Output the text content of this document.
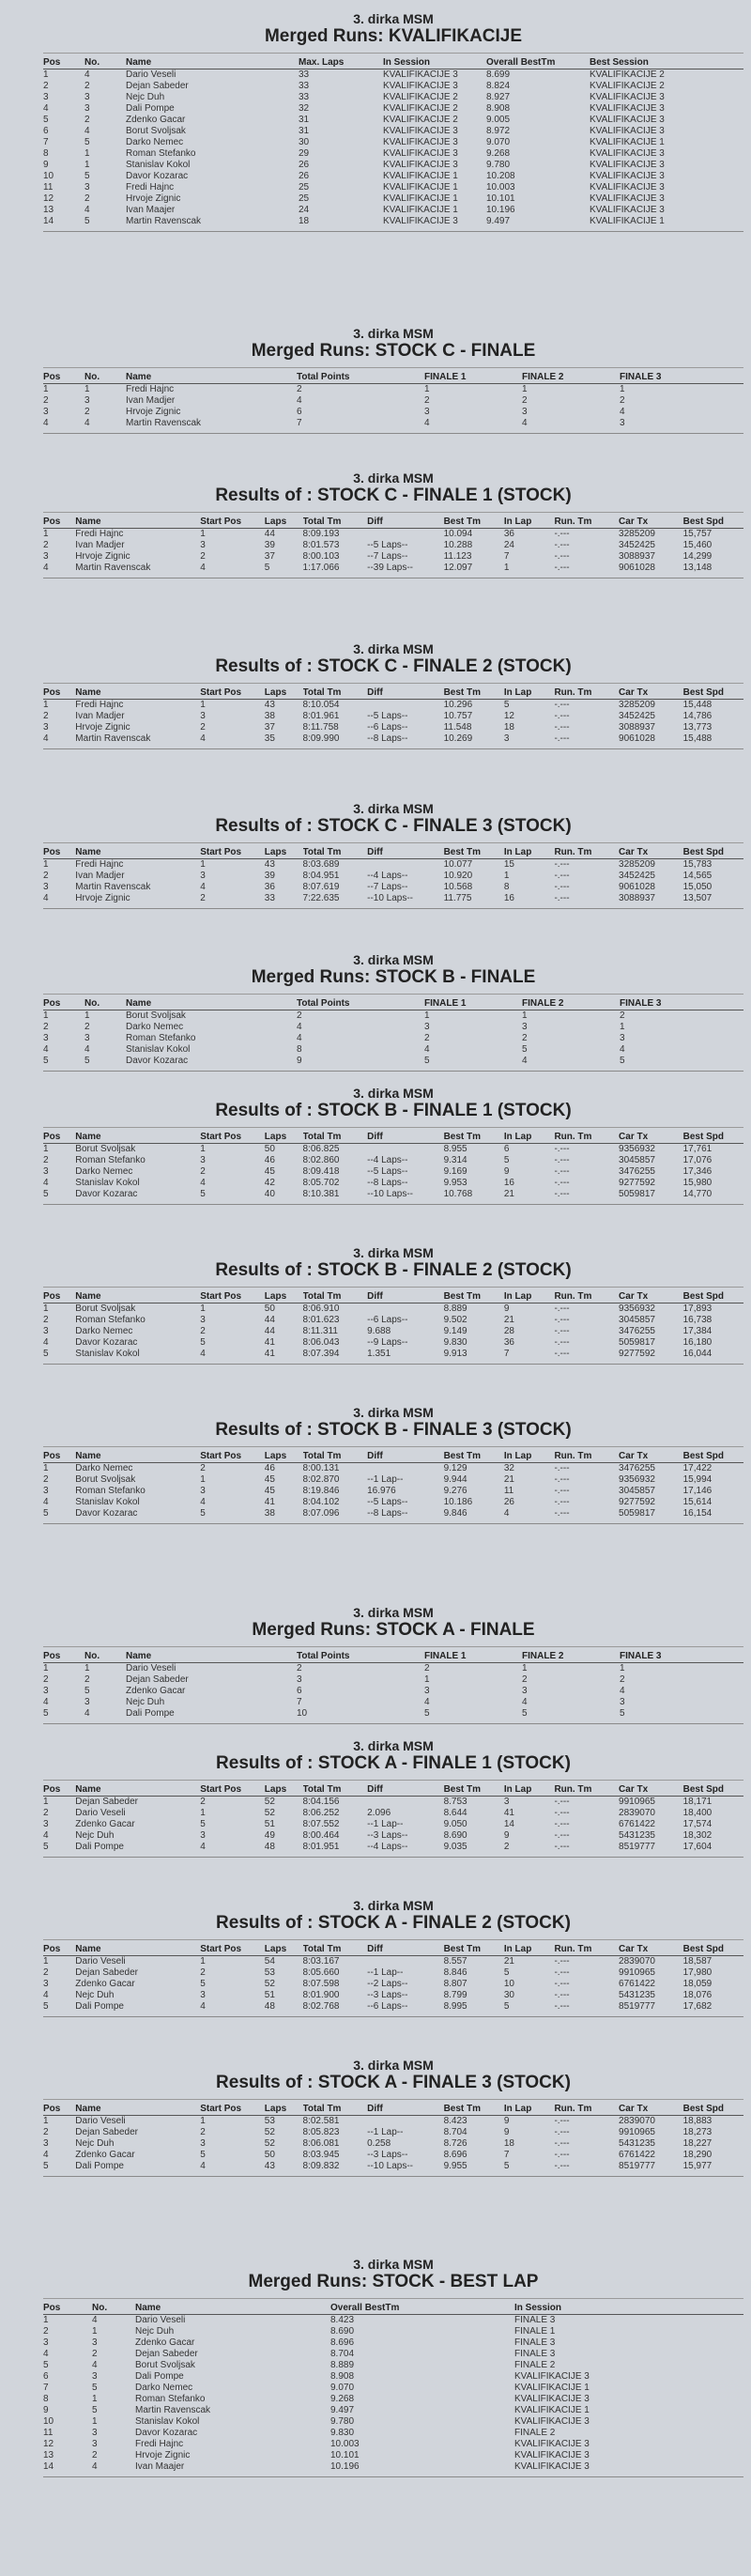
3. dirka MSM
Merged Runs: KVALIFIKACIJE
Pos	No.	Name	Max. Laps	In Session	Overall BestTm	Best Session
1	4	Dario Veseli	33	KVALIFIKACIJE 3	8.699	KVALIFIKACIJE 2
2	2	Dejan Sabeder	33	KVALIFIKACIJE 3	8.824	KVALIFIKACIJE 2
3	3	Nejc Duh	33	KVALIFIKACIJE 2	8.927	KVALIFIKACIJE 3
4	3	Dali Pompe	32	KVALIFIKACIJE 2	8.908	KVALIFIKACIJE 3
5	2	Zdenko Gacar	31	KVALIFIKACIJE 2	9.005	KVALIFIKACIJE 3
6	4	Borut Svoljsak	31	KVALIFIKACIJE 3	8.972	KVALIFIKACIJE 3
7	5	Darko Nemec	30	KVALIFIKACIJE 3	9.070	KVALIFIKACIJE 1
8	1	Roman Stefanko	29	KVALIFIKACIJE 3	9.268	KVALIFIKACIJE 3
9	1	Stanislav Kokol	26	KVALIFIKACIJE 3	9.780	KVALIFIKACIJE 3
10	5	Davor Kozarac	26	KVALIFIKACIJE 1	10.208	KVALIFIKACIJE 3
11	3	Fredi Hajnc	25	KVALIFIKACIJE 1	10.003	KVALIFIKACIJE 3
12	2	Hrvoje Zignic	25	KVALIFIKACIJE 1	10.101	KVALIFIKACIJE 3
13	4	Ivan Maajer	24	KVALIFIKACIJE 1	10.196	KVALIFIKACIJE 3
14	5	Martin Ravenscak	18	KVALIFIKACIJE 3	9.497	KVALIFIKACIJE 1
3. dirka MSM
Merged Runs: STOCK C - FINALE
Pos	No.	Name	Total Points	FINALE 1	FINALE 2	FINALE 3
1	1	Fredi Hajnc	2	1	1	1
2	3	Ivan Madjer	4	2	2	2
3	2	Hrvoje Zignic	6	3	3	4
4	4	Martin Ravenscak	7	4	4	3
3. dirka MSM
Results of : STOCK C - FINALE 1 (STOCK)
Pos	Name	Start Pos	Laps	Total Tm	Diff	Best Tm	In Lap	Run. Tm	Car Tx	Best Spd
1	Fredi Hajnc	1	44	8:09.193		10.094	36	-.---	3285209	15,757
2	Ivan Madjer	3	39	8:01.573	--5 Laps--	10.288	24	-.---	3452425	15,460
3	Hrvoje Zignic	2	37	8:00.103	--7 Laps--	11.123	7	-.---	3088937	14,299
4	Martin Ravenscak	4	5	1:17.066	--39 Laps--	12.097	1	-.---	9061028	13,148
3. dirka MSM
Results of : STOCK C - FINALE 2 (STOCK)
Pos	Name	Start Pos	Laps	Total Tm	Diff	Best Tm	In Lap	Run. Tm	Car Tx	Best Spd
1	Fredi Hajnc	1	43	8:10.054		10.296	5	-.---	3285209	15,448
2	Ivan Madjer	3	38	8:01.961	--5 Laps--	10.757	12	-.---	3452425	14,786
3	Hrvoje Zignic	2	37	8:11.758	--6 Laps--	11.548	18	-.---	3088937	13,773
4	Martin Ravenscak	4	35	8:09.990	--8 Laps--	10.269	3	-.---	9061028	15,488
3. dirka MSM
Results of : STOCK C - FINALE 3 (STOCK)
Pos	Name	Start Pos	Laps	Total Tm	Diff	Best Tm	In Lap	Run. Tm	Car Tx	Best Spd
1	Fredi Hajnc	1	43	8:03.689		10.077	15	-.---	3285209	15,783
2	Ivan Madjer	3	39	8:04.951	--4 Laps--	10.920	1	-.---	3452425	14,565
3	Martin Ravenscak	4	36	8:07.619	--7 Laps--	10.568	8	-.---	9061028	15,050
4	Hrvoje Zignic	2	33	7:22.635	--10 Laps--	11.775	16	-.---	3088937	13,507
3. dirka MSM
Merged Runs: STOCK B - FINALE
Pos	No.	Name	Total Points	FINALE 1	FINALE 2	FINALE 3
1	1	Borut Svoljsak	2	1	1	2
2	2	Darko Nemec	4	3	3	1
3	3	Roman Stefanko	4	2	2	3
4	4	Stanislav Kokol	8	4	5	4
5	5	Davor Kozarac	9	5	4	5
3. dirka MSM
Results of : STOCK B - FINALE 1 (STOCK)
Pos	Name	Start Pos	Laps	Total Tm	Diff	Best Tm	In Lap	Run. Tm	Car Tx	Best Spd
1	Borut Svoljsak	1	50	8:06.825		8.955	6	-.---	9356932	17,761
2	Roman Stefanko	3	46	8:02.860	--4 Laps--	9.314	5	-.---	3045857	17,076
3	Darko Nemec	2	45	8:09.418	--5 Laps--	9.169	9	-.---	3476255	17,346
4	Stanislav Kokol	4	42	8:05.702	--8 Laps--	9.953	16	-.---	9277592	15,980
5	Davor Kozarac	5	40	8:10.381	--10 Laps--	10.768	21	-.---	5059817	14,770
3. dirka MSM
Results of : STOCK B - FINALE 2 (STOCK)
Pos	Name	Start Pos	Laps	Total Tm	Diff	Best Tm	In Lap	Run. Tm	Car Tx	Best Spd
1	Borut Svoljsak	1	50	8:06.910		8.889	9	-.---	9356932	17,893
2	Roman Stefanko	3	44	8:01.623	--6 Laps--	9.502	21	-.---	3045857	16,738
3	Darko Nemec	2	44	8:11.311	9.688	9.149	28	-.---	3476255	17,384
4	Davor Kozarac	5	41	8:06.043	--9 Laps--	9.830	36	-.---	5059817	16,180
5	Stanislav Kokol	4	41	8:07.394	1.351	9.913	7	-.---	9277592	16,044
3. dirka MSM
Results of : STOCK B - FINALE 3 (STOCK)
Pos	Name	Start Pos	Laps	Total Tm	Diff	Best Tm	In Lap	Run. Tm	Car Tx	Best Spd
1	Darko Nemec	2	46	8:00.131		9.129	32	-.---	3476255	17,422
2	Borut Svoljsak	1	45	8:02.870	--1 Lap--	9.944	21	-.---	9356932	15,994
3	Roman Stefanko	3	45	8:19.846	16.976	9.276	11	-.---	3045857	17,146
4	Stanislav Kokol	4	41	8:04.102	--5 Laps--	10.186	26	-.---	9277592	15,614
5	Davor Kozarac	5	38	8:07.096	--8 Laps--	9.846	4	-.---	5059817	16,154
3. dirka MSM
Merged Runs: STOCK A - FINALE
Pos	No.	Name	Total Points	FINALE 1	FINALE 2	FINALE 3
1	1	Dario Veseli	2	2	1	1
2	2	Dejan Sabeder	3	1	2	2
3	5	Zdenko Gacar	6	3	3	4
4	3	Nejc Duh	7	4	4	3
5	4	Dali Pompe	10	5	5	5
3. dirka MSM
Results of : STOCK A - FINALE 1 (STOCK)
Pos	Name	Start Pos	Laps	Total Tm	Diff	Best Tm	In Lap	Run. Tm	Car Tx	Best Spd
1	Dejan Sabeder	2	52	8:04.156		8.753	3	-.---	9910965	18,171
2	Dario Veseli	1	52	8:06.252	2.096	8.644	41	-.---	2839070	18,400
3	Zdenko Gacar	5	51	8:07.552	--1 Lap--	9.050	14	-.---	6761422	17,574
4	Nejc Duh	3	49	8:00.464	--3 Laps--	8.690	9	-.---	5431235	18,302
5	Dali Pompe	4	48	8:01.951	--4 Laps--	9.035	2	-.---	8519777	17,604
3. dirka MSM
Results of : STOCK A - FINALE 2 (STOCK)
Pos	Name	Start Pos	Laps	Total Tm	Diff	Best Tm	In Lap	Run. Tm	Car Tx	Best Spd
1	Dario Veseli	1	54	8:03.167		8.557	21	-.---	2839070	18,587
2	Dejan Sabeder	2	53	8:05.660	--1 Lap--	8.846	5	-.---	9910965	17,980
3	Zdenko Gacar	5	52	8:07.598	--2 Laps--	8.807	10	-.---	6761422	18,059
4	Nejc Duh	3	51	8:01.900	--3 Laps--	8.799	30	-.---	5431235	18,076
5	Dali Pompe	4	48	8:02.768	--6 Laps--	8.995	5	-.---	8519777	17,682
3. dirka MSM
Results of : STOCK A - FINALE 3 (STOCK)
Pos	Name	Start Pos	Laps	Total Tm	Diff	Best Tm	In Lap	Run. Tm	Car Tx	Best Spd
1	Dario Veseli	1	53	8:02.581		8.423	9	-.---	2839070	18,883
2	Dejan Sabeder	2	52	8:05.823	--1 Lap--	8.704	9	-.---	9910965	18,273
3	Nejc Duh	3	52	8:06.081	0.258	8.726	18	-.---	5431235	18,227
4	Zdenko Gacar	5	50	8:03.945	--3 Laps--	8.696	7	-.---	6761422	18,290
5	Dali Pompe	4	43	8:09.832	--10 Laps--	9.955	5	-.---	8519777	15,977
3. dirka MSM
Merged Runs: STOCK - BEST LAP
Pos	No.	Name	Overall BestTm	In Session
1	4	Dario Veseli	8.423	FINALE 3
2	1	Nejc Duh	8.690	FINALE 1
3	3	Zdenko Gacar	8.696	FINALE 3
4	2	Dejan Sabeder	8.704	FINALE 3
5	4	Borut Svoljsak	8.889	FINALE 2
6	3	Dali Pompe	8.908	KVALIFIKACIJE 3
7	5	Darko Nemec	9.070	KVALIFIKACIJE 1
8	1	Roman Stefanko	9.268	KVALIFIKACIJE 3
9	5	Martin Ravenscak	9.497	KVALIFIKACIJE 1
10	1	Stanislav Kokol	9.780	KVALIFIKACIJE 3
11	3	Davor Kozarac	9.830	FINALE 2
12	3	Fredi Hajnc	10.003	KVALIFIKACIJE 3
13	2	Hrvoje Zignic	10.101	KVALIFIKACIJE 3
14	4	Ivan Maajer	10.196	KVALIFIKACIJE 3
